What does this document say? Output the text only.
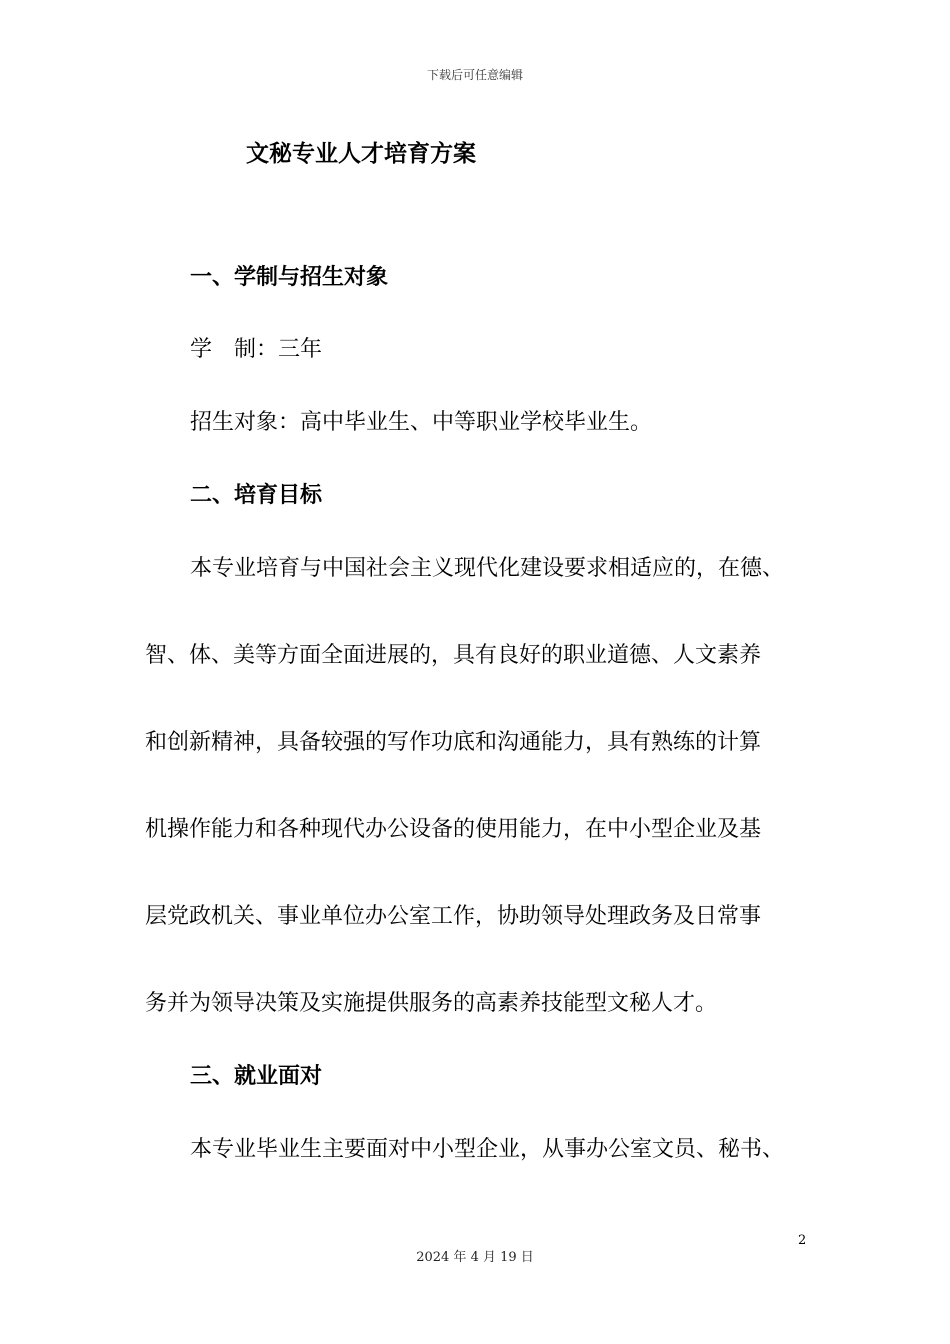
下载后可任意编辑
文秘专业人才培育方案
一、学制与招生对象
学　制：三年
招生对象：高中毕业生、中等职业学校毕业生。
二、培育目标
本专业培育与中国社会主义现代化建设要求相适应的，在德、
智、体、美等方面全面进展的，具有良好的职业道德、人文素养
和创新精神，具备较强的写作功底和沟通能力，具有熟练的计算
机操作能力和各种现代办公设备的使用能力，在中小型企业及基
层党政机关、事业单位办公室工作，协助领导处理政务及日常事
务并为领导决策及实施提供服务的高素养技能型文秘人才。
三、就业面对
本专业毕业生主要面对中小型企业，从事办公室文员、秘书、
2
2024 年 4 月 19 日
